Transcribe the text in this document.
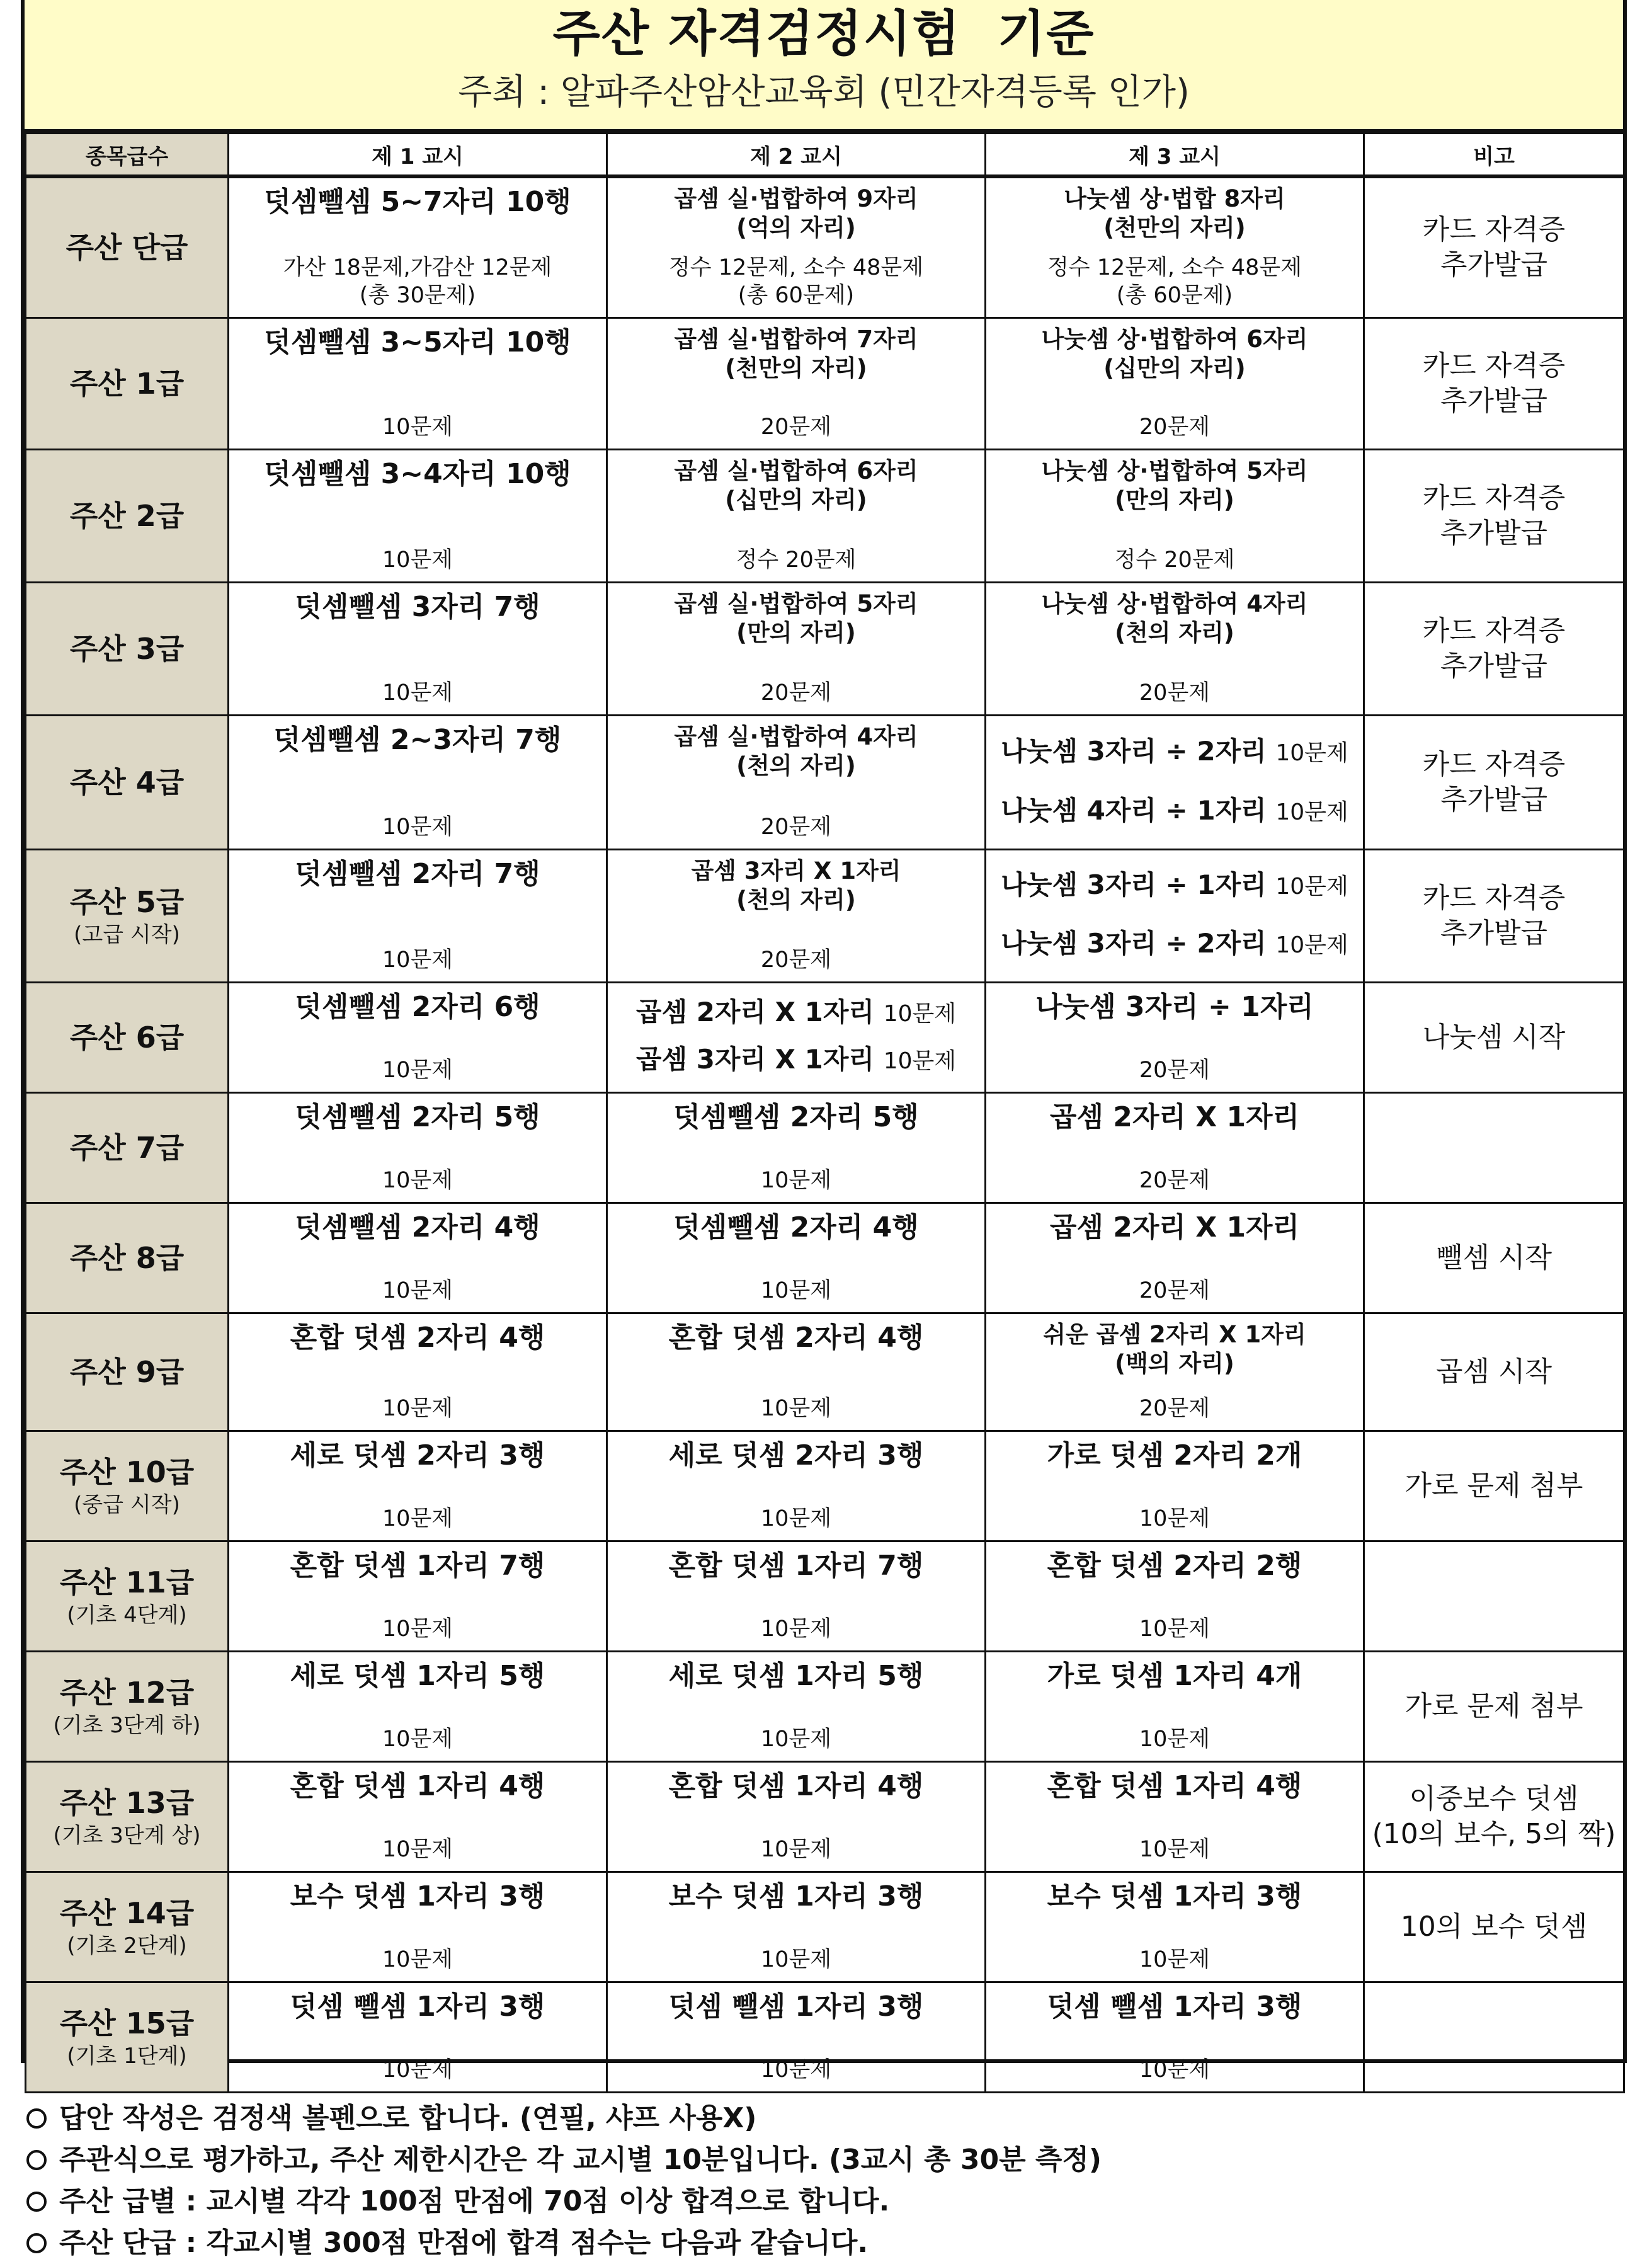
주산 자격검정시험  기준
주최 : 알파주산암산교육회 (민간자격등록 인가)
종목급수	제 1 교시	제 2 교시	제 3 교시	비고

주산 단급	덧셈뺄셈 5~7자리 10행
가산 18문제,가감산 12문제
(총 30문제)	곱셈 실·법합하여 9자리
(억의 자리)
정수 12문제, 소수 48문제
(총 60문제)	나눗셈 상·법합 8자리
(천만의 자리)
정수 12문제, 소수 48문제
(총 60문제)	카드 자격증
추가발급

주산 1급	덧셈뺄셈 3~5자리 10행
10문제	곱셈 실·법합하여 7자리
(천만의 자리)
20문제	나눗셈 상·법합하여 6자리
(십만의 자리)
20문제	카드 자격증
추가발급

주산 2급	덧셈뺄셈 3~4자리 10행
10문제	곱셈 실·법합하여 6자리
(십만의 자리)
정수 20문제	나눗셈 상·법합하여 5자리
(만의 자리)
정수 20문제	카드 자격증
추가발급

주산 3급	덧셈뺄셈 3자리 7행
10문제	곱셈 실·법합하여 5자리
(만의 자리)
20문제	나눗셈 상·법합하여 4자리
(천의 자리)
20문제	카드 자격증
추가발급

주산 4급	덧셈뺄셈 2~3자리 7행
10문제	곱셈 실·법합하여 4자리
(천의 자리)
20문제	나눗셈 3자리 ÷ 2자리 10문제
나눗셈 4자리 ÷ 1자리 10문제	카드 자격증
추가발급

주산 5급
(고급 시작)	덧셈뺄셈 2자리 7행
10문제	곱셈 3자리 X 1자리
(천의 자리)
20문제	나눗셈 3자리 ÷ 1자리 10문제
나눗셈 3자리 ÷ 2자리 10문제	카드 자격증
추가발급

주산 6급	덧셈뺄셈 2자리 6행
10문제	곱셈 2자리 X 1자리 10문제
곱셈 3자리 X 1자리 10문제	나눗셈 3자리 ÷ 1자리
20문제	나눗셈 시작

주산 7급	덧셈뺄셈 2자리 5행
10문제	덧셈뺄셈 2자리 5행
10문제	곱셈 2자리 X 1자리
20문제	

주산 8급	덧셈뺄셈 2자리 4행
10문제	덧셈뺄셈 2자리 4행
10문제	곱셈 2자리 X 1자리
20문제	뺄셈 시작

주산 9급	혼합 덧셈 2자리 4행
10문제	혼합 덧셈 2자리 4행
10문제	쉬운 곱셈 2자리 X 1자리
(백의 자리)
20문제	곱셈 시작

주산 10급
(중급 시작)	세로 덧셈 2자리 3행
10문제	세로 덧셈 2자리 3행
10문제	가로 덧셈 2자리 2개
10문제	가로 문제 첨부

주산 11급
(기초 4단계)	혼합 덧셈 1자리 7행
10문제	혼합 덧셈 1자리 7행
10문제	혼합 덧셈 2자리 2행
10문제	

주산 12급
(기초 3단계 하)	세로 덧셈 1자리 5행
10문제	세로 덧셈 1자리 5행
10문제	가로 덧셈 1자리 4개
10문제	가로 문제 첨부

주산 13급
(기초 3단계 상)	혼합 덧셈 1자리 4행
10문제	혼합 덧셈 1자리 4행
10문제	혼합 덧셈 1자리 4행
10문제	이중보수 덧셈
(10의 보수, 5의 짝)

주산 14급
(기초 2단계)	보수 덧셈 1자리 3행
10문제	보수 덧셈 1자리 3행
10문제	보수 덧셈 1자리 3행
10문제	10의 보수 덧셈

주산 15급
(기초 1단계)	덧셈 뺄셈 1자리 3행
10문제	덧셈 뺄셈 1자리 3행
10문제	덧셈 뺄셈 1자리 3행
10문제	

답안 작성은 검정색 볼펜으로 합니다. (연필, 샤프 사용X)
주관식으로 평가하고, 주산 제한시간은 각 교시별 10분입니다. (3교시 총 30분 측정)
주산 급별 : 교시별 각각 100점 만점에 70점 이상 합격으로 합니다.
주산 단급 : 각교시별 300점 만점에 합격 점수는 다음과 같습니다.
